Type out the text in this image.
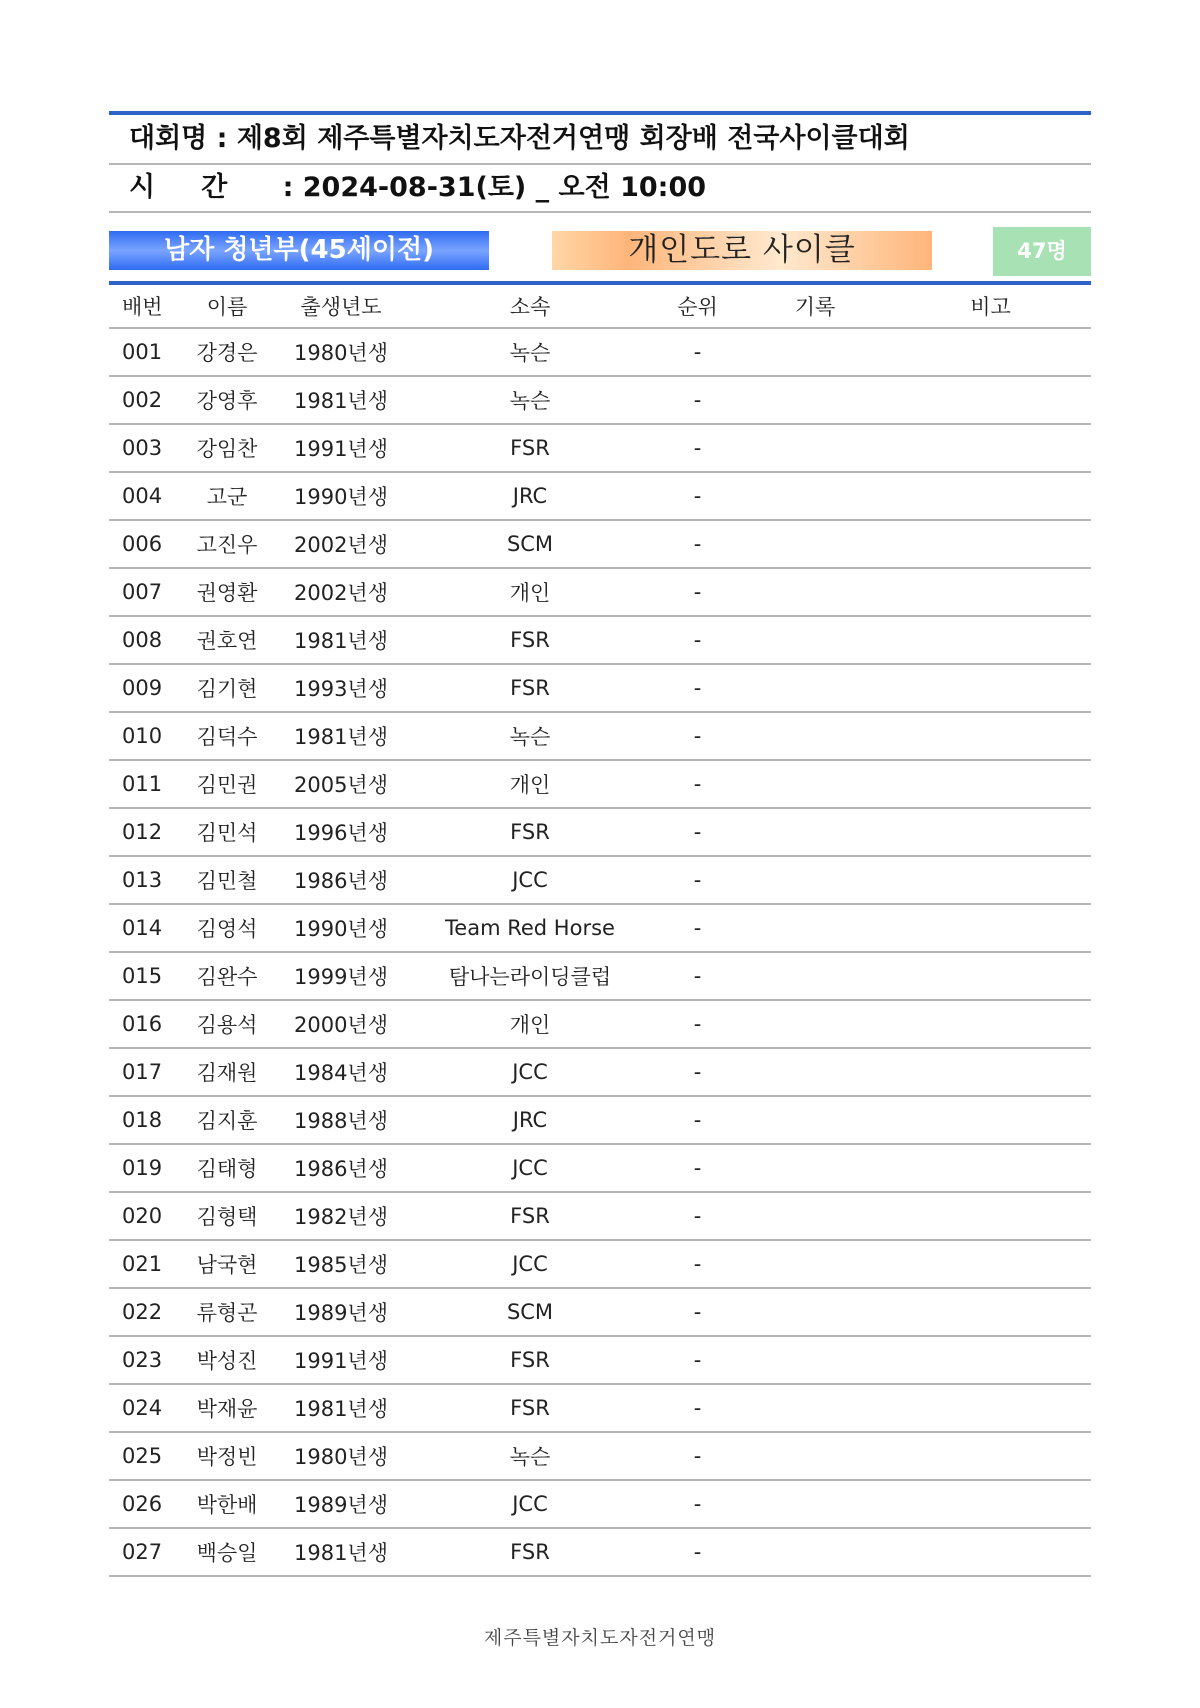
대회명 : 제8회 제주특별자치도자전거연맹 회장배 전국사이클대회
시간 : 2024-08-31(토) _ 오전 10:00
남자 청년부(45세이전)	개인도로 사이클	47명
배번	이름	출생년도	소속	순위	기록	비고
001	강경은	1980년생	녹슨	-		
002	강영후	1981년생	녹슨	-		
003	강임찬	1991년생	FSR	-		
004	고군	1990년생	JRC	-		
006	고진우	2002년생	SCM	-		
007	권영환	2002년생	개인	-		
008	권호연	1981년생	FSR	-		
009	김기현	1993년생	FSR	-		
010	김덕수	1981년생	녹슨	-		
011	김민권	2005년생	개인	-		
012	김민석	1996년생	FSR	-		
013	김민철	1986년생	JCC	-		
014	김영석	1990년생	Team Red Horse	-		
015	김완수	1999년생	탐나는라이딩클럽	-		
016	김용석	2000년생	개인	-		
017	김재원	1984년생	JCC	-		
018	김지훈	1988년생	JRC	-		
019	김태형	1986년생	JCC	-		
020	김형택	1982년생	FSR	-		
021	남국현	1985년생	JCC	-		
022	류형곤	1989년생	SCM	-		
023	박성진	1991년생	FSR	-		
024	박재윤	1981년생	FSR	-		
025	박정빈	1980년생	녹슨	-		
026	박한배	1989년생	JCC	-		
027	백승일	1981년생	FSR	-		
제주특별자치도자전거연맹
